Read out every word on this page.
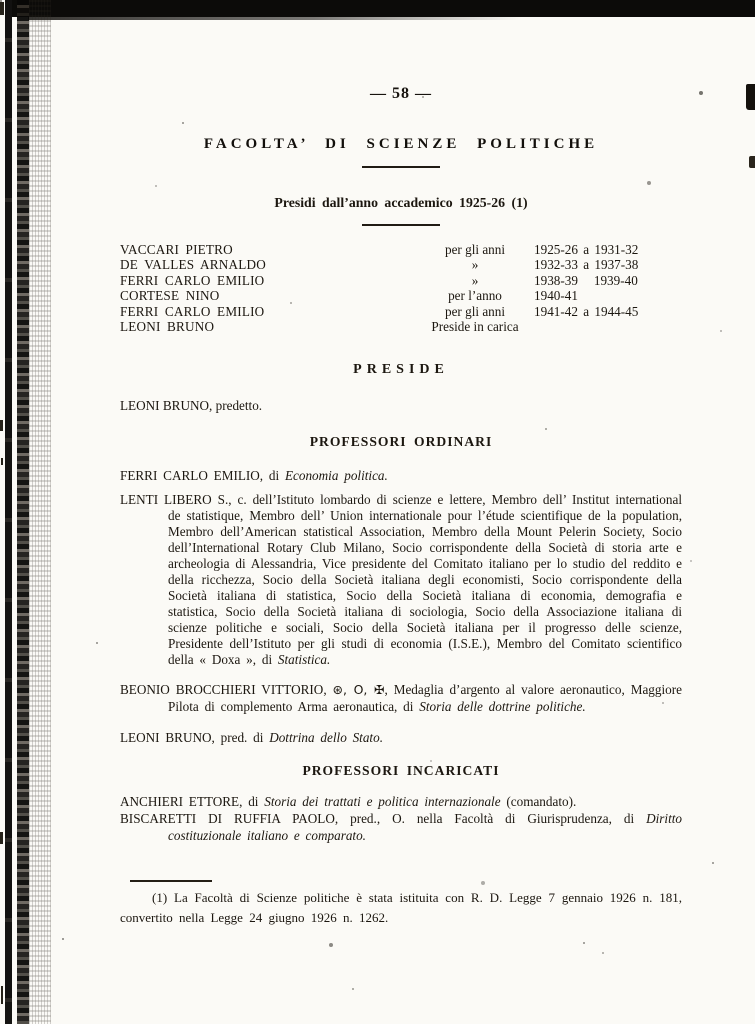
— 58 —
FACOLTA’ DI SCIENZE POLITICHE
Presidi dall’anno accademico 1925-26 (1)
VACCARI PIETRO	per gli anni	1925-26 a 1931-32
DE VALLES ARNALDO	»	1932-33 a 1937-38
FERRI CARLO EMILIO	»	1938-39   1939-40
CORTESE NINO	per l’anno	1940-41
FERRI CARLO EMILIO	per gli anni	1941-42 a 1944-45
LEONI BRUNO	Preside in carica
PRESIDE
LEONI BRUNO, predetto.
PROFESSORI ORDINARI
FERRI CARLO EMILIO, di Economia politica.
LENTI LIBERO S., c. dell’Istituto lombardo di scienze e lettere, Membro dell’ Institut international de statistique, Membro dell’ Union internationale pour l’étude scientifique de la population, Membro dell’American statistical Association, Membro della Mount Pelerin Society, Socio dell’International Rotary Club Milano, Socio corrispondente della Società di storia arte e archeologia di Alessandria, Vice presidente del Comitato italiano per lo studio del reddito e della ricchezza, Socio della Società italiana degli economisti, Socio corrispondente della Società italiana di statistica, Socio della Società italiana di economia, demografia e statistica, Socio della Società italiana di sociologia, Socio della Associazione italiana di scienze politiche e sociali, Socio della Società italiana per il progresso delle scienze, Presidente dell’Istituto per gli studi di economia (I.S.E.), Membro del Comitato scientifico della « Doxa », di Statistica.
BEONIO BROCCHIERI VITTORIO, ⊛, O, ✠, Medaglia d’argento al valore aeronautico, Maggiore Pilota di complemento Arma aeronautica, di Storia delle dottrine politiche.
LEONI BRUNO, pred. di Dottrina dello Stato.
PROFESSORI INCARICATI
ANCHIERI ETTORE, di Storia dei trattati e politica internazionale (comandato).
BISCARETTI DI RUFFIA PAOLO, pred., O. nella Facoltà di Giurisprudenza, di Diritto costituzionale italiano e comparato.
(1) La Facoltà di Scienze politiche è stata istituita con R. D. Legge 7 gennaio 1926 n. 181, convertito nella Legge 24 giugno 1926 n. 1262.
